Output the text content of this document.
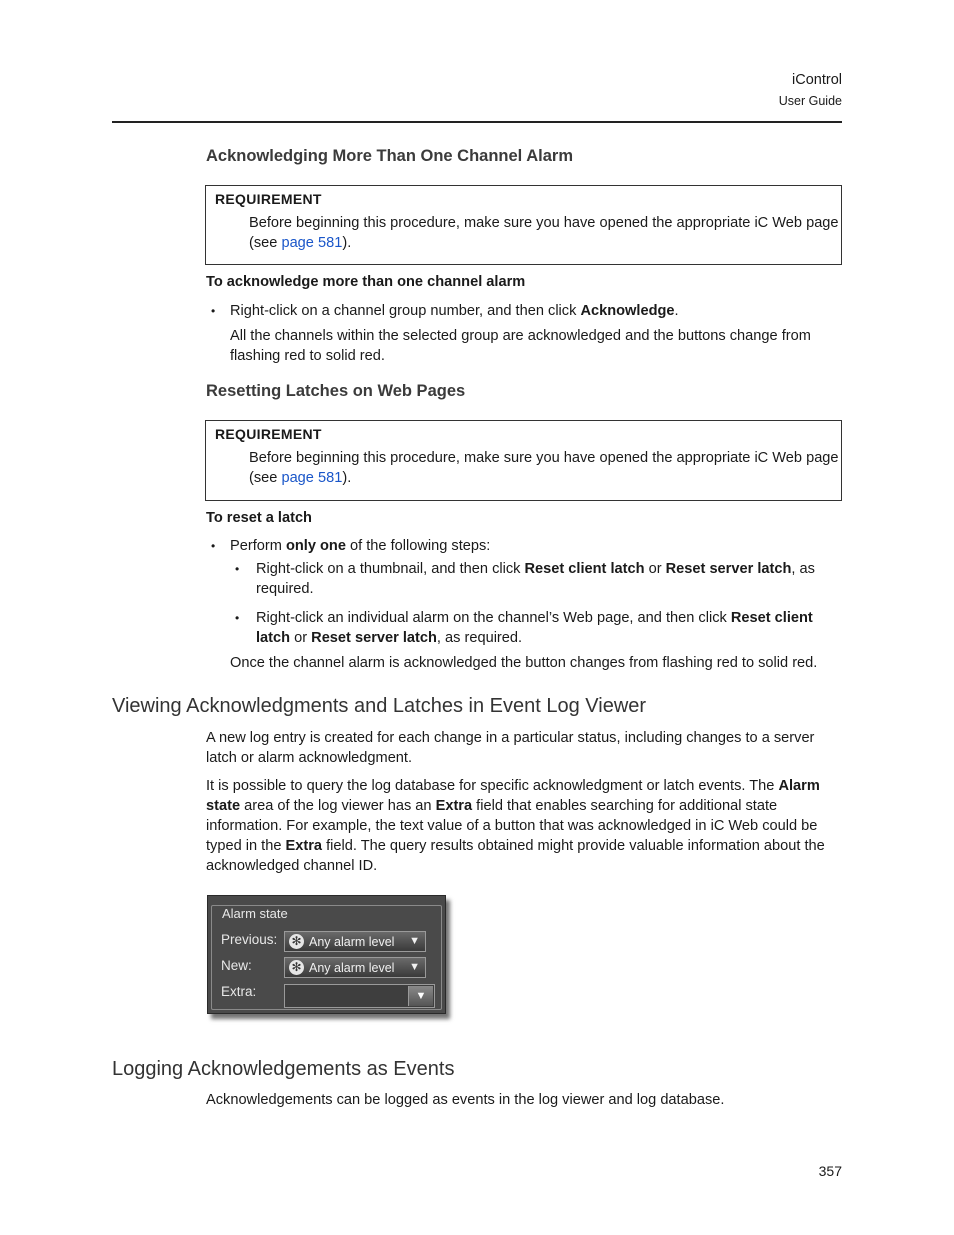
iControl
User Guide
Acknowledging More Than One Channel Alarm
REQUIREMENT
Before beginning this procedure, make sure you have opened the appropriate iC Web page (see page 581).
To acknowledge more than one channel alarm
• Right-click on a channel group number, and then click Acknowledge.
All the channels within the selected group are acknowledged and the buttons change from flashing red to solid red.
Resetting Latches on Web Pages
REQUIREMENT
Before beginning this procedure, make sure you have opened the appropriate iC Web page (see page 581).
To reset a latch
• Perform only one of the following steps:
• Right-click on a thumbnail, and then click Reset client latch or Reset server latch, as required.
• Right-click an individual alarm on the channel’s Web page, and then click Reset client latch or Reset server latch, as required.
Once the channel alarm is acknowledged the button changes from flashing red to solid red.
Viewing Acknowledgments and Latches in Event Log Viewer
A new log entry is created for each change in a particular status, including changes to a server latch or alarm acknowledgment.
It is possible to query the log database for specific acknowledgment or latch events. The Alarm state area of the log viewer has an Extra field that enables searching for additional state information. For example, the text value of a button that was acknowledged in iC Web could be typed in the Extra field. The query results obtained might provide valuable information about the acknowledged channel ID.
Alarm state
Previous: ✻ Any alarm level ▼
New:	✻ Any alarm level ▼
Extra:	▼
Logging Acknowledgements as Events
Acknowledgements can be logged as events in the log viewer and log database.
357
